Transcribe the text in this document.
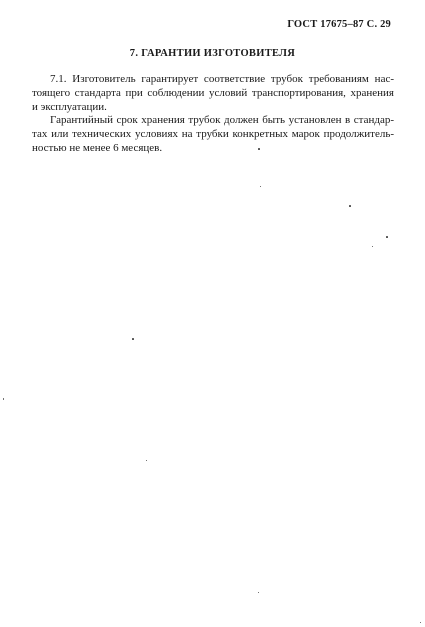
ГОСТ 17675–87 С. 29
7. ГАРАНТИИ ИЗГОТОВИТЕЛЯ
7.1. Изготовитель гарантирует соответствие трубок требованиям нас-
тоящего стандарта при соблюдении условий транспортирования, хранения
и эксплуатации.
Гарантийный срок хранения трубок должен быть установлен в стандар-
тах или технических условиях на трубки конкретных марок продолжитель-
ностью не менее 6 месяцев.
